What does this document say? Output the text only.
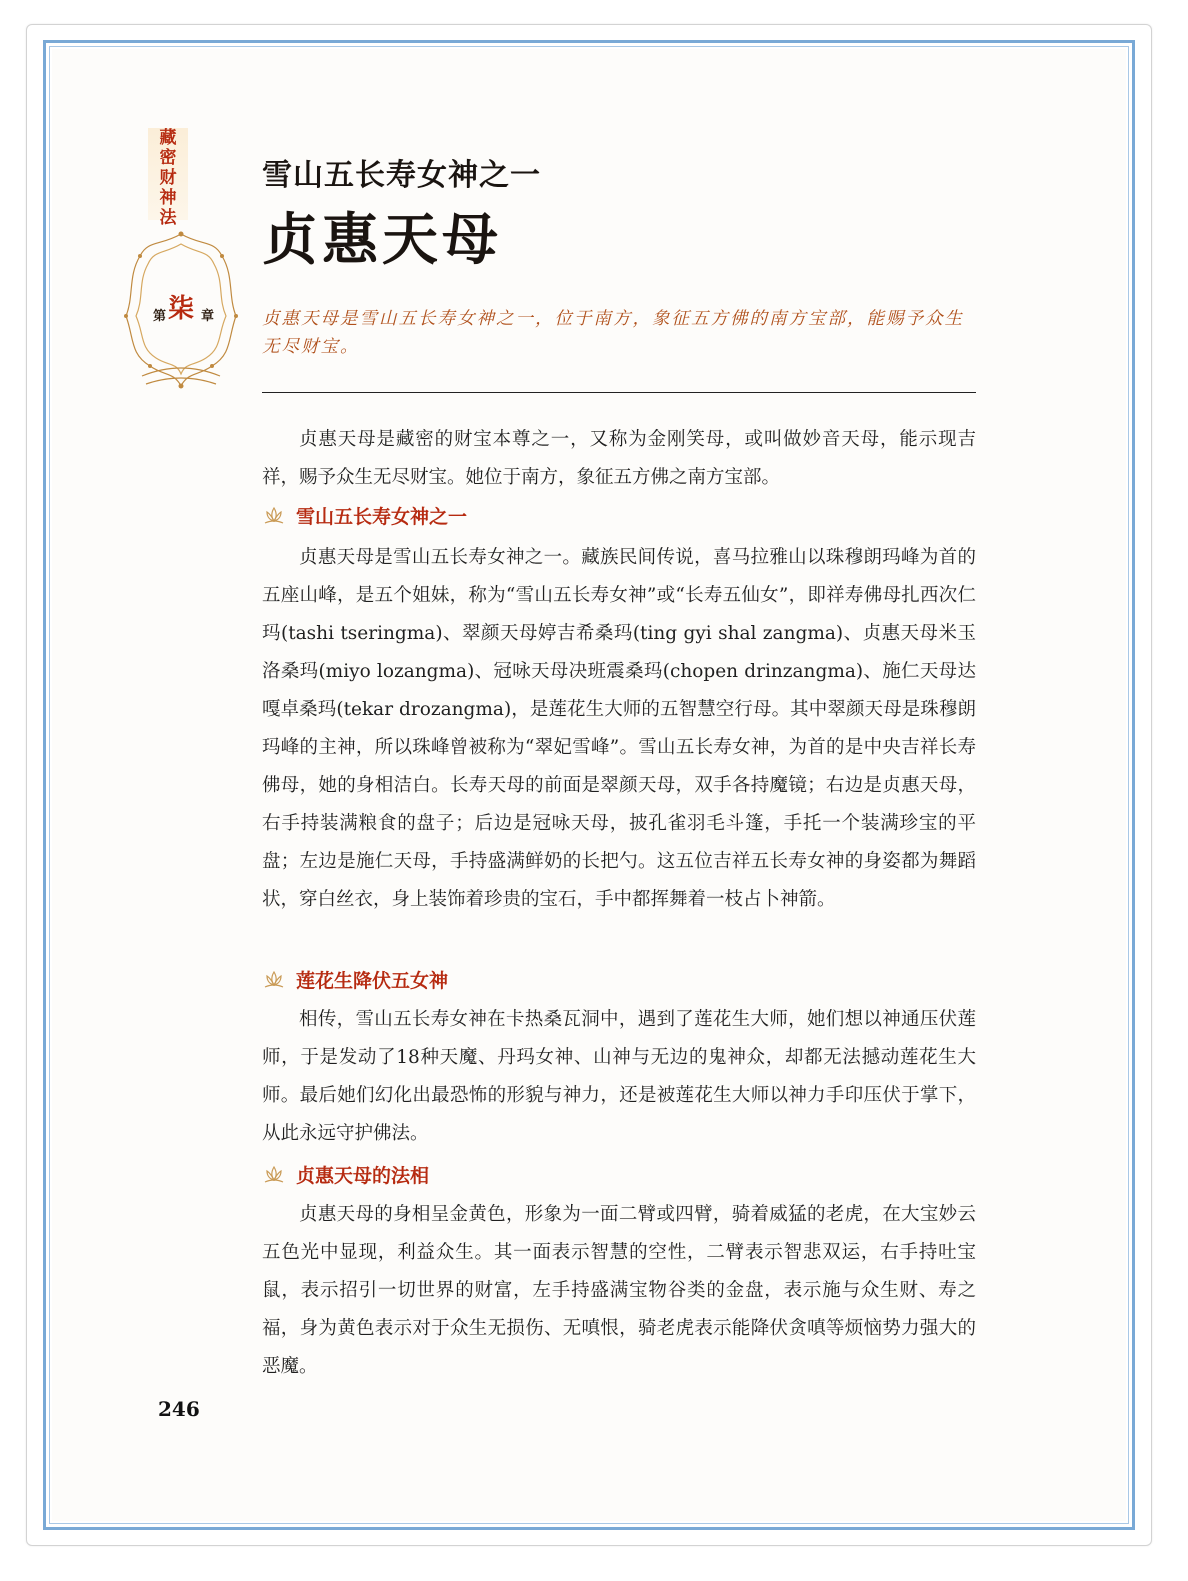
藏
密
财
神
法
第 柒 章
雪山五长寿女神之一
贞惠天母
贞惠天母是雪山五长寿女神之一，位于南方，象征五方佛的南方宝部，能赐予众生无尽财宝。
贞惠天母是藏密的财宝本尊之一，又称为金刚笑母，或叫做妙音天母，能示现吉祥，赐予众生无尽财宝。她位于南方，象征五方佛之南方宝部。
雪山五长寿女神之一
贞惠天母是雪山五长寿女神之一。藏族民间传说，喜马拉雅山以珠穆朗玛峰为首的五座山峰，是五个姐妹，称为“雪山五长寿女神”或“长寿五仙女”，即祥寿佛母扎西次仁玛(tashi tseringma)、翠颜天母婷吉希桑玛(ting gyi shal zangma)、贞惠天母米玉洛桑玛(miyo lozangma)、冠咏天母决班震桑玛(chopen drinzangma)、施仁天母达嘎卓桑玛(tekar drozangma)，是莲花生大师的五智慧空行母。其中翠颜天母是珠穆朗玛峰的主神，所以珠峰曾被称为“翠妃雪峰”。雪山五长寿女神，为首的是中央吉祥长寿佛母，她的身相洁白。长寿天母的前面是翠颜天母，双手各持魔镜；右边是贞惠天母，右手持装满粮食的盘子；后边是冠咏天母，披孔雀羽毛斗篷，手托一个装满珍宝的平盘；左边是施仁天母，手持盛满鲜奶的长把勺。这五位吉祥五长寿女神的身姿都为舞蹈状，穿白丝衣，身上装饰着珍贵的宝石，手中都挥舞着一枝占卜神箭。
莲花生降伏五女神
相传，雪山五长寿女神在卡热桑瓦洞中，遇到了莲花生大师，她们想以神通压伏莲师，于是发动了18种天魔、丹玛女神、山神与无边的鬼神众，却都无法撼动莲花生大师。最后她们幻化出最恐怖的形貌与神力，还是被莲花生大师以神力手印压伏于掌下，从此永远守护佛法。
贞惠天母的法相
贞惠天母的身相呈金黄色，形象为一面二臂或四臂，骑着威猛的老虎，在大宝妙云五色光中显现，利益众生。其一面表示智慧的空性，二臂表示智悲双运，右手持吐宝鼠，表示招引一切世界的财富，左手持盛满宝物谷类的金盘，表示施与众生财、寿之福，身为黄色表示对于众生无损伤、无嗔恨，骑老虎表示能降伏贪嗔等烦恼势力强大的恶魔。
246
